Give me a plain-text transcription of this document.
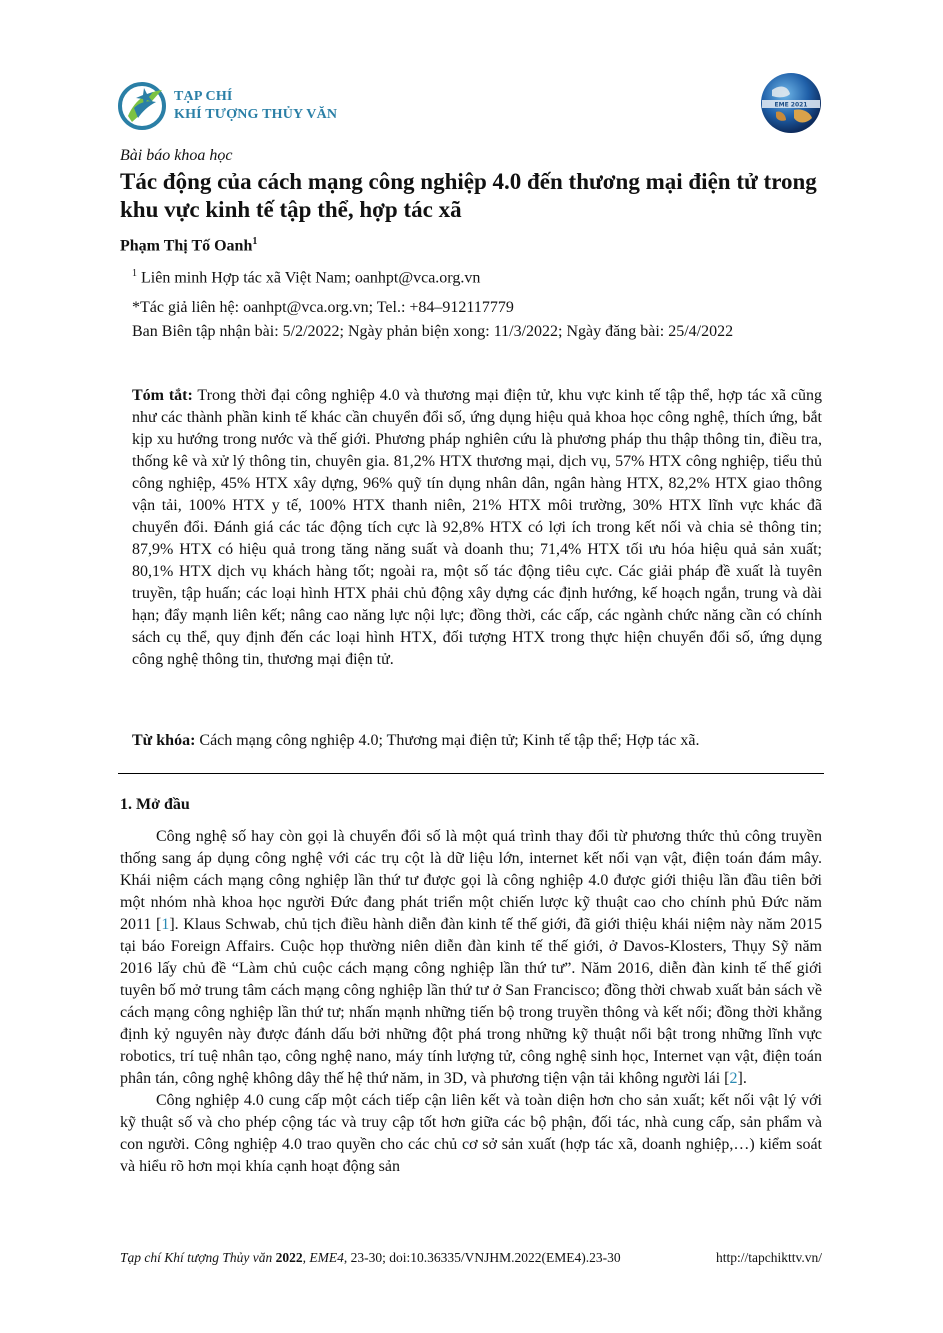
TẠP CHÍ
KHÍ TƯỢNG THỦY VĂN
EME 2021
Bài báo khoa học
Tác động của cách mạng công nghiệp 4.0 đến thương mại điện tử trong khu vực kinh tế tập thể, hợp tác xã
Phạm Thị Tố Oanh$^1$
$^1$ Liên minh Hợp tác xã Việt Nam; oanhpt@vca.org.vn
*Tác giả liên hệ: oanhpt@vca.org.vn; Tel.: +84–912117779
Ban Biên tập nhận bài: 5/2/2022; Ngày phản biện xong: 11/3/2022; Ngày đăng bài: 25/4/2022

Tóm tắt: Trong thời đại công nghiệp 4.0 và thương mại điện tử, khu vực kinh tế tập thể, hợp tác xã cũng như các thành phần kinh tế khác cần chuyển đổi số, ứng dụng hiệu quả khoa học công nghệ, thích ứng, bắt kịp xu hướng trong nước và thế giới. Phương pháp nghiên cứu là phương pháp thu thập thông tin, điều tra, thống kê và xử lý thông tin, chuyên gia. 81,2% HTX thương mại, dịch vụ, 57% HTX công nghiệp, tiểu thủ công nghiệp, 45% HTX xây dựng, 96% quỹ tín dụng nhân dân, ngân hàng HTX, 82,2% HTX giao thông vận tải, 100% HTX y tế, 100% HTX thanh niên, 21% HTX môi trường, 30% HTX lĩnh vực khác đã chuyển đổi. Đánh giá các tác động tích cực là 92,8% HTX có lợi ích trong kết nối và chia sẻ thông tin; 87,9% HTX có hiệu quả trong tăng năng suất và doanh thu; 71,4% HTX tối ưu hóa hiệu quả sản xuất; 80,1% HTX dịch vụ khách hàng tốt; ngoài ra, một số tác động tiêu cực. Các giải pháp đề xuất là tuyên truyền, tập huấn; các loại hình HTX phải chủ động xây dựng các định hướng, kế hoạch ngắn, trung và dài hạn; đẩy mạnh liên kết; nâng cao năng lực nội lực; đồng thời, các cấp, các ngành chức năng cần có chính sách cụ thể, quy định đến các loại hình HTX, đối tượng HTX trong thực hiện chuyển đổi số, ứng dụng công nghệ thông tin, thương mại điện tử.

Từ khóa: Cách mạng công nghiệp 4.0; Thương mại điện tử; Kinh tế tập thể; Hợp tác xã.
1. Mở đầu

Công nghệ số hay còn gọi là chuyển đổi số là một quá trình thay đổi từ phương thức thủ công truyền thống sang áp dụng công nghệ với các trụ cột là dữ liệu lớn, internet kết nối vạn vật, điện toán đám mây. Khái niệm cách mạng công nghiệp lần thứ tư được gọi là công nghiệp 4.0 được giới thiệu lần đầu tiên bởi một nhóm nhà khoa học người Đức đang phát triển một chiến lược kỹ thuật cao cho chính phủ Đức năm 2011 [1]. Klaus Schwab, chủ tịch điều hành diễn đàn kinh tế thế giới, đã giới thiệu khái niệm này năm 2015 tại báo Foreign Affairs. Cuộc họp thường niên diễn đàn kinh tế thế giới, ở Davos-Klosters, Thụy Sỹ năm 2016 lấy chủ đề “Làm chủ cuộc cách mạng công nghiệp lần thứ tư”. Năm 2016, diễn đàn kinh tế thế giới tuyên bố mở trung tâm cách mạng công nghiệp lần thứ tư ở San Francisco; đồng thời chwab xuất bản sách về cách mạng công nghiệp lần thứ tư; nhấn mạnh những tiến bộ trong truyền thông và kết nối; đồng thời khẳng định kỷ nguyên này được đánh dấu bởi những đột phá trong những kỹ thuật nổi bật trong những lĩnh vực robotics, trí tuệ nhân tạo, công nghệ nano, máy tính lượng tử, công nghệ sinh học, Internet vạn vật, điện toán phân tán, công nghệ không dây thế hệ thứ năm, in 3D, và phương tiện vận tải không người lái [2].

Công nghiệp 4.0 cung cấp một cách tiếp cận liên kết và toàn diện hơn cho sản xuất; kết nối vật lý với kỹ thuật số và cho phép cộng tác và truy cập tốt hơn giữa các bộ phận, đối tác, nhà cung cấp, sản phẩm và con người. Công nghiệp 4.0 trao quyền cho các chủ cơ sở sản xuất (hợp tác xã, doanh nghiệp,…) kiểm soát và hiểu rõ hơn mọi khía cạnh hoạt động sản

Tạp chí Khí tượng Thủy văn 2022, EME4, 23-30; doi:10.36335/VNJHM.2022(EME4).23-30	http://tapchikttv.vn/
